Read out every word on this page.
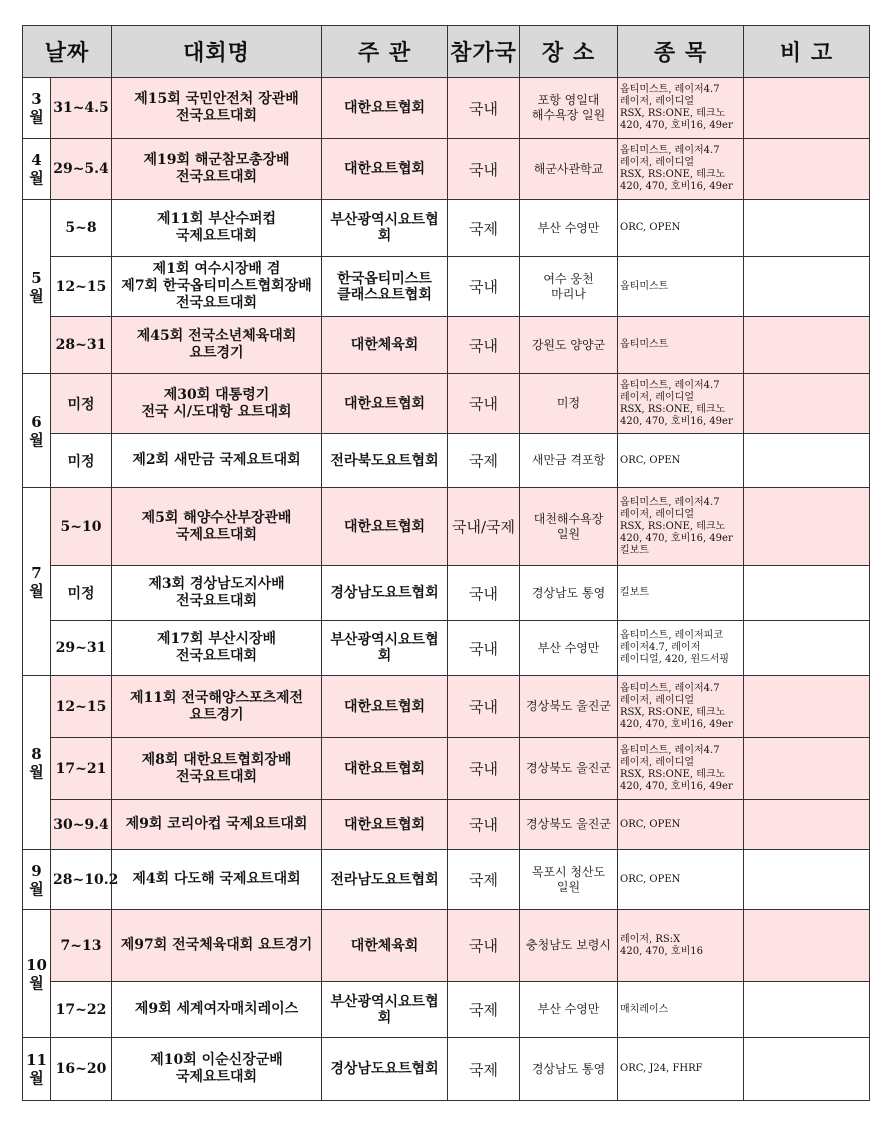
날짜		대회명	주 관	참가국	장 소	종 목	비 고

3
월	31~4.5	제15회 국민안전처 장관배
전국요트대회	대한요트협회	국내	포항 영일대
해수욕장 일원	옵티미스트, 레이저4.7
레이저, 레이디얼
RSX, RS:ONE, 테크노
420, 470, 호비16, 49er	

4
월	29~5.4	제19회 해군참모총장배
전국요트대회	대한요트협회	국내	해군사관학교	옵티미스트, 레이저4.7
레이저, 레이디얼
RSX, RS:ONE, 테크노
420, 470, 호비16, 49er	

5
월	5~8	제11회 부산수퍼컵
국제요트대회	부산광역시요트협회	국제	부산 수영만	ORC, OPEN	

	12~15	제1회 여수시장배 겸
제7회 한국옵티미스트협회장배
전국요트대회	한국옵티미스트
클래스요트협회	국내	여수 웅천
마리나	옵티미스트	

	28~31	제45회 전국소년체육대회
요트경기	대한체육회	국내	강원도 양양군	옵티미스트	

6
월	미정	제30회 대통령기
전국 시/도대항 요트대회	대한요트협회	국내	미정	옵티미스트, 레이저4.7
레이저, 레이디얼
RSX, RS:ONE, 테크노
420, 470, 호비16, 49er	

	미정	제2회 새만금 국제요트대회	전라북도요트협회	국제	새만금 격포항	ORC, OPEN	

7
월	5~10	제5회 해양수산부장관배
국제요트대회	대한요트협회	국내/국제	대천해수욕장
일원	옵티미스트, 레이저4.7
레이저, 레이디얼
RSX, RS:ONE, 테크노
420, 470, 호비16, 49er
킬보트	

	미정	제3회 경상남도지사배
전국요트대회	경상남도요트협회	국내	경상남도 통영	킬보트	

	29~31	제17회 부산시장배
전국요트대회	부산광역시요트협회	국내	부산 수영만	옵티미스트, 레이저피코
레이저4.7, 레이저
레이디얼, 420, 윈드서핑	

8
월	12~15	제11회 전국해양스포츠제전
요트경기	대한요트협회	국내	경상북도 울진군	옵티미스트, 레이저4.7
레이저, 레이디얼
RSX, RS:ONE, 테크노
420, 470, 호비16, 49er	

	17~21	제8회 대한요트협회장배
전국요트대회	대한요트협회	국내	경상북도 울진군	옵티미스트, 레이저4.7
레이저, 레이디얼
RSX, RS:ONE, 테크노
420, 470, 호비16, 49er	

	30~9.4	제9회 코리아컵 국제요트대회	대한요트협회	국내	경상북도 울진군	ORC, OPEN	

9
월	28~10.2	제4회 다도해 국제요트대회	전라남도요트협회	국제	목포시 청산도
일원	ORC, OPEN	

10
월	7~13	제97회 전국체육대회 요트경기	대한체육회	국내	충청남도 보령시	레이저, RS:X
420, 470, 호비16	

	17~22	제9회 세계여자매치레이스	부산광역시요트협회	국제	부산 수영만	매치레이스	

11
월	16~20	제10회 이순신장군배
국제요트대회	경상남도요트협회	국제	경상남도 통영	ORC, J24, FHRF	
